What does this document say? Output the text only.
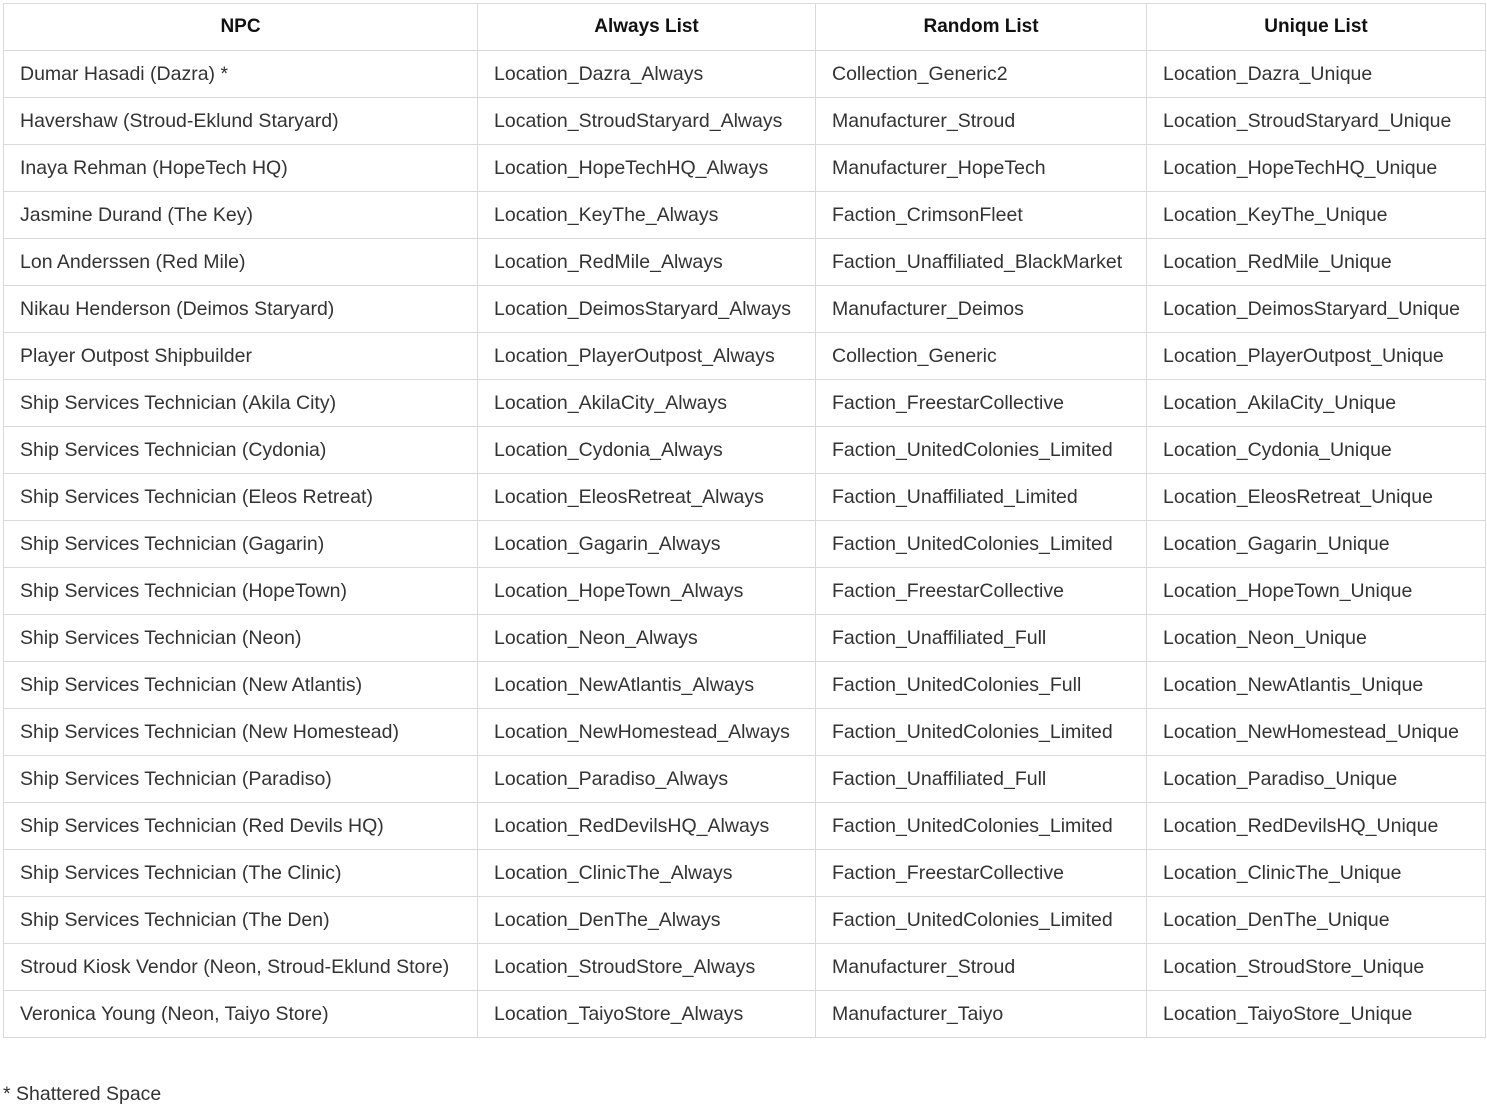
NPC	Always List	Random List	Unique List
Dumar Hasadi (Dazra) *	Location_Dazra_Always	Collection_Generic2	Location_Dazra_Unique
Havershaw (Stroud-Eklund Staryard)	Location_StroudStaryard_Always	Manufacturer_Stroud	Location_StroudStaryard_Unique
Inaya Rehman (HopeTech HQ)	Location_HopeTechHQ_Always	Manufacturer_HopeTech	Location_HopeTechHQ_Unique
Jasmine Durand (The Key)	Location_KeyThe_Always	Faction_CrimsonFleet	Location_KeyThe_Unique
Lon Anderssen (Red Mile)	Location_RedMile_Always	Faction_Unaffiliated_BlackMarket	Location_RedMile_Unique
Nikau Henderson (Deimos Staryard)	Location_DeimosStaryard_Always	Manufacturer_Deimos	Location_DeimosStaryard_Unique
Player Outpost Shipbuilder	Location_PlayerOutpost_Always	Collection_Generic	Location_PlayerOutpost_Unique
Ship Services Technician (Akila City)	Location_AkilaCity_Always	Faction_FreestarCollective	Location_AkilaCity_Unique
Ship Services Technician (Cydonia)	Location_Cydonia_Always	Faction_UnitedColonies_Limited	Location_Cydonia_Unique
Ship Services Technician (Eleos Retreat)	Location_EleosRetreat_Always	Faction_Unaffiliated_Limited	Location_EleosRetreat_Unique
Ship Services Technician (Gagarin)	Location_Gagarin_Always	Faction_UnitedColonies_Limited	Location_Gagarin_Unique
Ship Services Technician (HopeTown)	Location_HopeTown_Always	Faction_FreestarCollective	Location_HopeTown_Unique
Ship Services Technician (Neon)	Location_Neon_Always	Faction_Unaffiliated_Full	Location_Neon_Unique
Ship Services Technician (New Atlantis)	Location_NewAtlantis_Always	Faction_UnitedColonies_Full	Location_NewAtlantis_Unique
Ship Services Technician (New Homestead)	Location_NewHomestead_Always	Faction_UnitedColonies_Limited	Location_NewHomestead_Unique
Ship Services Technician (Paradiso)	Location_Paradiso_Always	Faction_Unaffiliated_Full	Location_Paradiso_Unique
Ship Services Technician (Red Devils HQ)	Location_RedDevilsHQ_Always	Faction_UnitedColonies_Limited	Location_RedDevilsHQ_Unique
Ship Services Technician (The Clinic)	Location_ClinicThe_Always	Faction_FreestarCollective	Location_ClinicThe_Unique
Ship Services Technician (The Den)	Location_DenThe_Always	Faction_UnitedColonies_Limited	Location_DenThe_Unique
Stroud Kiosk Vendor (Neon, Stroud-Eklund Store)	Location_StroudStore_Always	Manufacturer_Stroud	Location_StroudStore_Unique
Veronica Young (Neon, Taiyo Store)	Location_TaiyoStore_Always	Manufacturer_Taiyo	Location_TaiyoStore_Unique
* Shattered Space
